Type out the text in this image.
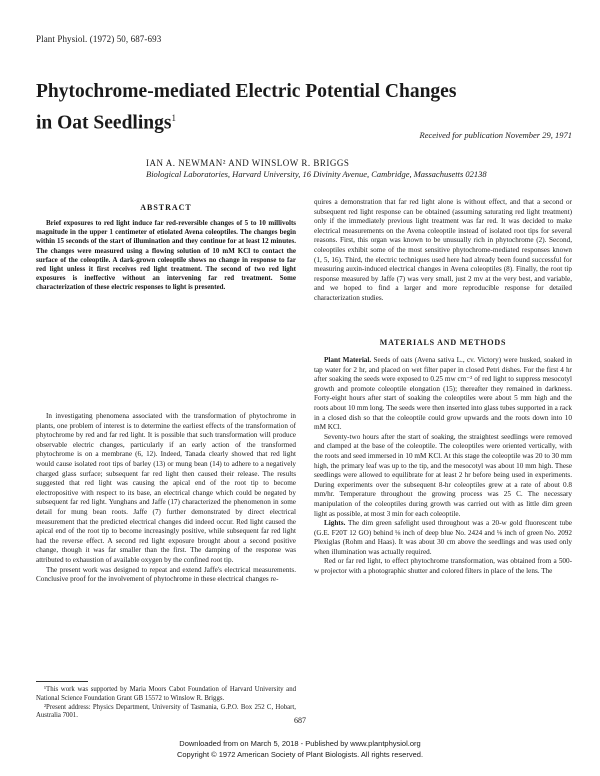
Plant Physiol. (1972) 50, 687-693
Phytochrome-mediated Electric Potential Changes
in Oat Seedlings$^1$
Received for publication November 29, 1971
IAN A. NEWMAN² AND WINSLOW R. BRIGGS
Biological Laboratories, Harvard University, 16 Divinity Avenue, Cambridge, Massachusetts 02138
ABSTRACT

Brief exposures to red light induce far red-reversible changes of 5 to 10 millivolts magnitude in the upper 1 centimeter of etiolated Avena coleoptiles. The changes begin within 15 seconds of the start of illumination and they continue for at least 12 minutes. The changes were measured using a flowing solution of 10 mM KCl to contact the surface of the coleoptile. A dark-grown coleoptile shows no change in response to far red light unless it first receives red light treatment. The second of two red light exposures is ineffective without an intervening far red treatment. Some characterization of these electric responses to light is presented.

In investigating phenomena associated with the transformation of phytochrome in plants, one problem of interest is to determine the earliest effects of the transformation of phytochrome by red and far red light. It is possible that such transformation will produce observable electric changes, particularly if an early action of the transformed phytochrome is on a membrane (6, 12). Indeed, Tanada clearly showed that red light would cause isolated root tips of barley (13) or mung bean (14) to adhere to a negatively charged glass surface; subsequent far red light then caused their release. The results suggested that red light was causing the apical end of the root tip to become electropositive with respect to its base, an electrical change which could be negated by subsequent far red light. Yunghans and Jaffe (17) characterized the phenomenon in some detail for mung bean roots. Jaffe (7) further demonstrated by direct electrical measurement that the predicted electrical changes did indeed occur. Red light caused the apical end of the root tip to become increasingly positive, while subsequent far red light had the reverse effect. A second red light exposure brought about a second positive change, though it was far smaller than the first. The damping of the response was attributed to exhaustion of available oxygen by the confined root tip.

The present work was designed to repeat and extend Jaffe's electrical measurements. Conclusive proof for the involvement of phytochrome in these electrical changes re-

¹This work was supported by Maria Moors Cabot Foundation of Harvard University and National Science Foundation Grant GB 15572 to Winslow R. Briggs.

²Present address: Physics Department, University of Tasmania, G.P.O. Box 252 C, Hobart, Australia 7001.

quires a demonstration that far red light alone is without effect, and that a second or subsequent red light response can be obtained (assuming saturating red light treatment) only if the immediately previous light treatment was far red. It was decided to make electrical measurements on the Avena coleoptile instead of isolated root tips for several reasons. First, this organ was known to be unusually rich in phytochrome (2). Second, coleoptiles exhibit some of the most sensitive phytochrome-mediated responses known (1, 5, 16). Third, the electric techniques used here had already been found successful for measuring auxin-induced electrical changes in Avena coleoptiles (8). Finally, the root tip response measured by Jaffe (7) was very small, just 2 mv at the very best, and variable, and we hoped to find a larger and more reproducible response for detailed characterization studies.

MATERIALS AND METHODS

Plant Material. Seeds of oats (Avena sativa L., cv. Victory) were husked, soaked in tap water for 2 hr, and placed on wet filter paper in closed Petri dishes. For the first 4 hr after soaking the seeds were exposed to 0.25 mw cm⁻² of red light to suppress mesocotyl growth and promote coleoptile elongation (15); thereafter they remained in darkness. Forty-eight hours after start of soaking the coleoptiles were about 5 mm high and the roots about 10 mm long. The seeds were then inserted into glass tubes supported in a rack in a closed dish so that the coleoptile could grow upwards and the roots down into 10 mM KCl.

Seventy-two hours after the start of soaking, the straightest seedlings were removed and clamped at the base of the coleoptile. The coleoptiles were oriented vertically, with the roots and seed immersed in 10 mM KCl. At this stage the coleoptile was 20 to 30 mm high, the primary leaf was up to the tip, and the mesocotyl was about 10 mm high. These seedlings were allowed to equilibrate for at least 2 hr before being used in experiments. During experiments over the subsequent 8-hr coleoptiles grew at a rate of about 0.8 mm/hr. Temperature throughout the growing process was 25 C. The necessary manipulation of the coleoptiles during growth was carried out with as little dim green light as possible, at most 3 min for each coleoptile.

Lights. The dim green safelight used throughout was a 20-w gold fluorescent tube (G.E. F20T 12 GO) behind ⅛ inch of deep blue No. 2424 and ⅛ inch of green No. 2092 Plexiglas (Rohm and Haas). It was about 30 cm above the seedlings and was used only when illumination was actually required.

Red or far red light, to effect phytochrome transformation, was obtained from a 500-w projector with a photographic shutter and colored filters in place of the lens. The

687
Downloaded from on March 5, 2018 - Published by www.plantphysiol.org
Copyright © 1972 American Society of Plant Biologists. All rights reserved.
